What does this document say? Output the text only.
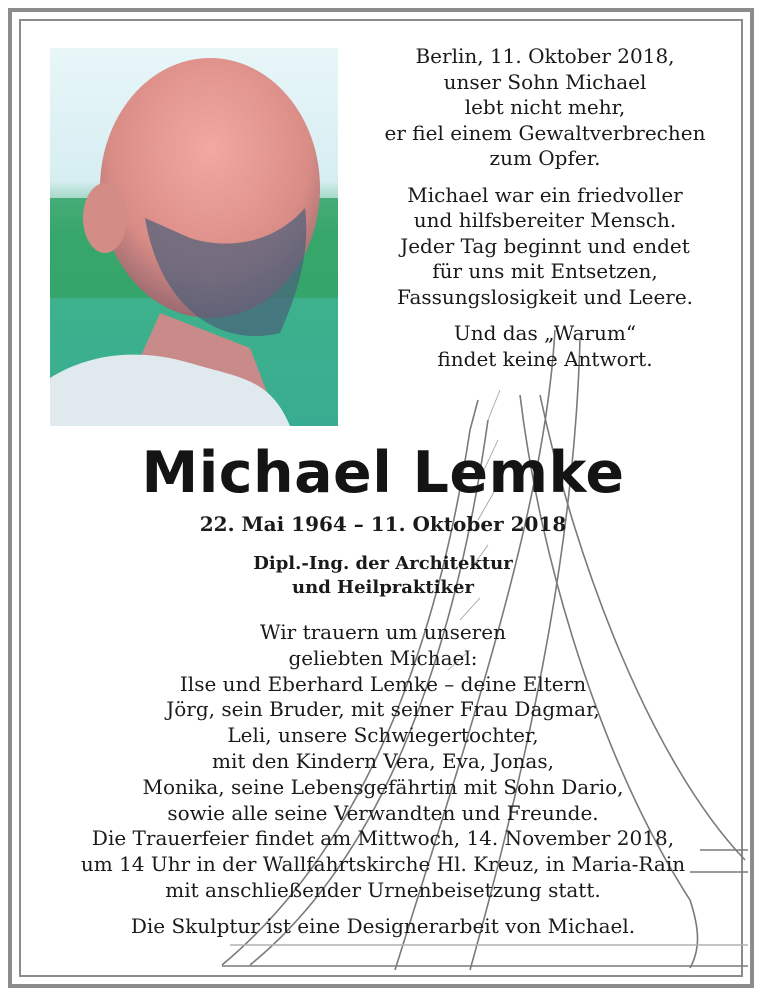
Berlin, 11. Oktober 2018,
unser Sohn Michael
lebt nicht mehr,
er fiel einem Gewaltverbrechen
zum Opfer.

Michael war ein friedvoller
und hilfsbereiter Mensch.
Jeder Tag beginnt und endet
für uns mit Entsetzen,
Fassungslosigkeit und Leere.

Und das „Warum“
findet keine Antwort.

Michael Lemke
22. Mai 1964 – 11. Oktober 2018
Dipl.-Ing. der Architektur
und Heilpraktiker
Wir trauern um unseren
geliebten Michael:
Ilse und Eberhard Lemke – deine Eltern
Jörg, sein Bruder, mit seiner Frau Dagmar,
Leli, unsere Schwiegertochter,
mit den Kindern Vera, Eva, Jonas,
Monika, seine Lebensgefährtin mit Sohn Dario,
sowie alle seine Verwandten und Freunde.
Die Trauerfeier findet am Mittwoch, 14. November 2018,
um 14 Uhr in der Wallfahrtskirche Hl. Kreuz, in Maria-Rain
mit anschließender Urnenbeisetzung statt.
Die Skulptur ist eine Designerarbeit von Michael.
